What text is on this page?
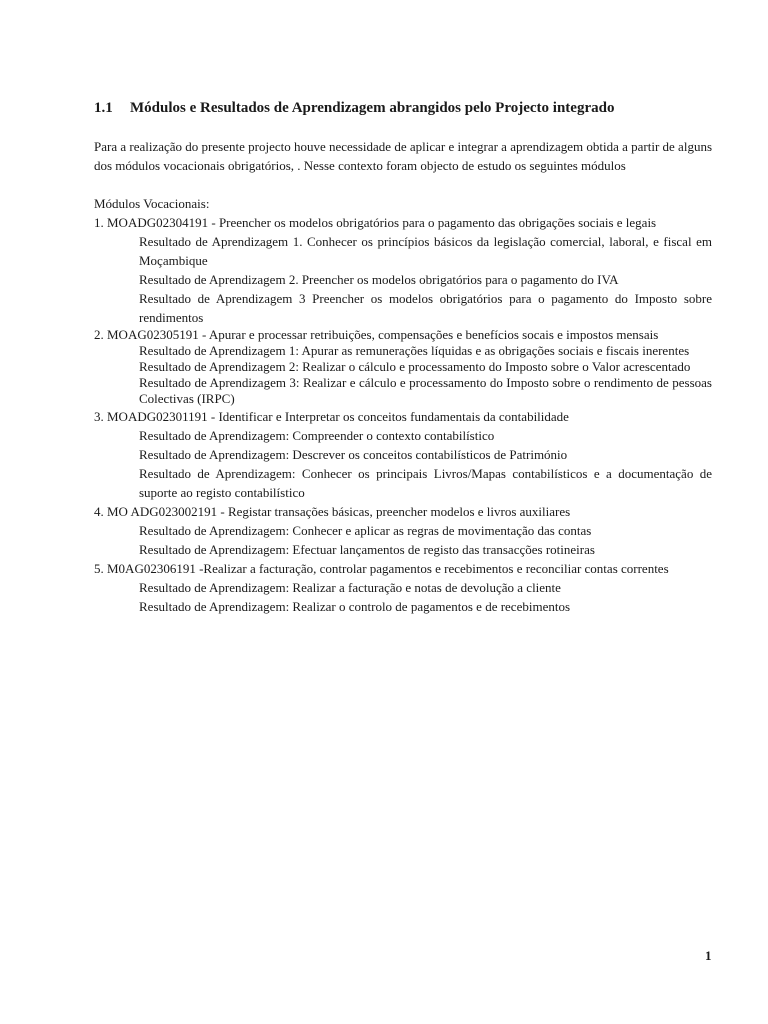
1.1	Módulos e Resultados de Aprendizagem abrangidos pelo Projecto integrado

Para a realização do presente projecto houve necessidade de aplicar e integrar a aprendizagem obtida a partir de alguns dos módulos vocacionais obrigatórios, . Nesse contexto foram objecto de estudo os seguintes módulos

Módulos Vocacionais:

1. MOADG02304191 - Preencher os modelos obrigatórios para o pagamento das obrigações sociais e legais

Resultado de Aprendizagem 1. Conhecer os princípios básicos da legislação comercial, laboral, e fiscal em Moçambique

Resultado de Aprendizagem 2. Preencher os modelos obrigatórios para o pagamento do IVA

Resultado de Aprendizagem 3 Preencher os modelos obrigatórios para o pagamento do Imposto sobre rendimentos

2. MOAG02305191 - Apurar e processar retribuições, compensações e benefícios socais e impostos mensais

Resultado de Aprendizagem 1: Apurar as remunerações líquidas e as obrigações sociais e fiscais inerentes

Resultado de Aprendizagem 2: Realizar o cálculo e processamento do Imposto sobre o Valor acrescentado

Resultado de Aprendizagem 3: Realizar e cálculo e processamento do Imposto sobre o rendimento de pessoas Colectivas (IRPC)

3. MOADG02301191 - Identificar e Interpretar os conceitos fundamentais da contabilidade

Resultado de Aprendizagem: Compreender o contexto contabilístico

Resultado de Aprendizagem: Descrever os conceitos contabilísticos de Património

Resultado de Aprendizagem: Conhecer os principais Livros/Mapas contabilísticos e a documentação de suporte ao registo contabilístico

4. MO ADG023002191 - Registar transações básicas, preencher modelos e livros auxiliares

Resultado de Aprendizagem: Conhecer e aplicar as regras de movimentação das contas

Resultado de Aprendizagem: Efectuar lançamentos de registo das transacções rotineiras

5. M0AG02306191 -Realizar a facturação, controlar pagamentos e recebimentos e reconciliar contas correntes

Resultado de Aprendizagem: Realizar a facturação e notas de devolução a cliente

Resultado de Aprendizagem: Realizar o controlo de pagamentos e de recebimentos

1
